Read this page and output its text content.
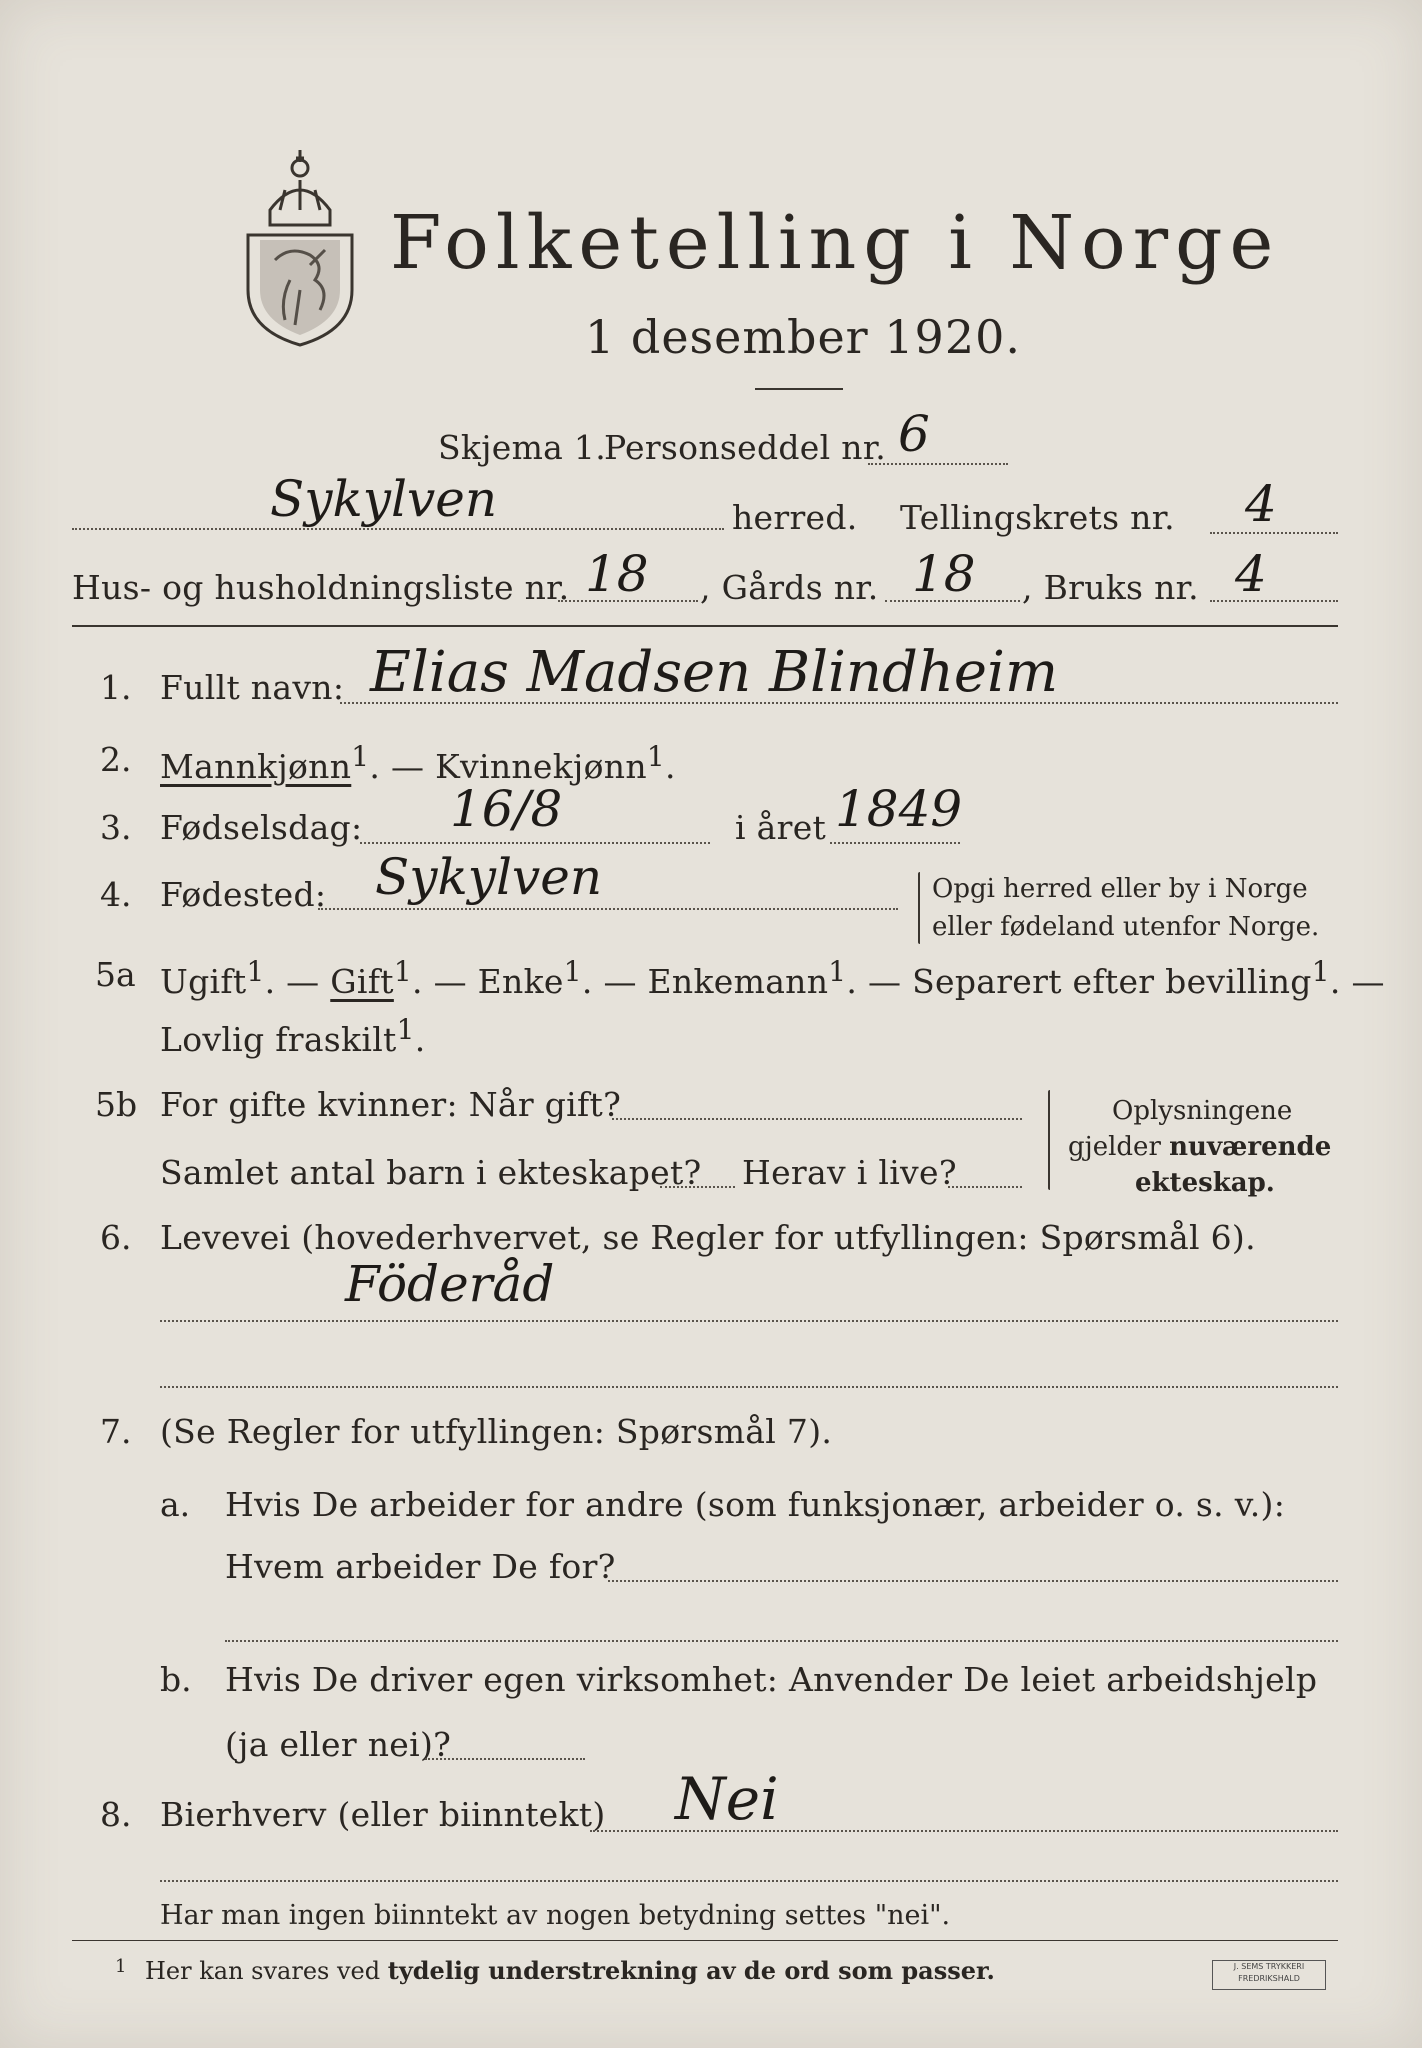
Folketelling i Norge
1 desember 1920.
Skjema 1.
Personseddel nr. 6
Sykylven	herred. Tellingskrets nr. 4
Hus- og husholdningsliste nr. 18 , Gårds nr. 18 , Bruks nr. 4
1. Fullt navn: Elias Madsen Blindheim
2. Mannkjønn$^1$. — Kvinnekjønn$^1$.
3. Fødselsdag: 16/8	i året 1849
4. Fødested: Sykylven	Opgi herred eller by i Norge
eller fødeland utenfor Norge.
5a Ugift$^1$. — Gift$^1$. — Enke$^1$. — Enkemann$^1$. — Separert efter bevilling$^1$. —
Lovlig fraskilt$^1$.
5b For gifte kvinner: Når gift?
Samlet antal barn i ekteskapet? Herav i live?
Oplysningene
gjelder nuværende
ekteskap.
6. Levevei (hovederhvervet, se Regler for utfyllingen: Spørsmål 6).
Föderåd
7. (Se Regler for utfyllingen: Spørsmål 7).
a. Hvis De arbeider for andre (som funksjonær, arbeider o. s. v.):
Hvem arbeider De for?
b. Hvis De driver egen virksomhet: Anvender De leiet arbeidshjelp
(ja eller nei)?
8. Bierhverv (eller biinntekt) Nei
Har man ingen biinntekt av nogen betydning settes "nei".
1 Her kan svares ved tydelig understrekning av de ord som passer.	J. SEMS TRYKKERI
FREDRIKSHALD
